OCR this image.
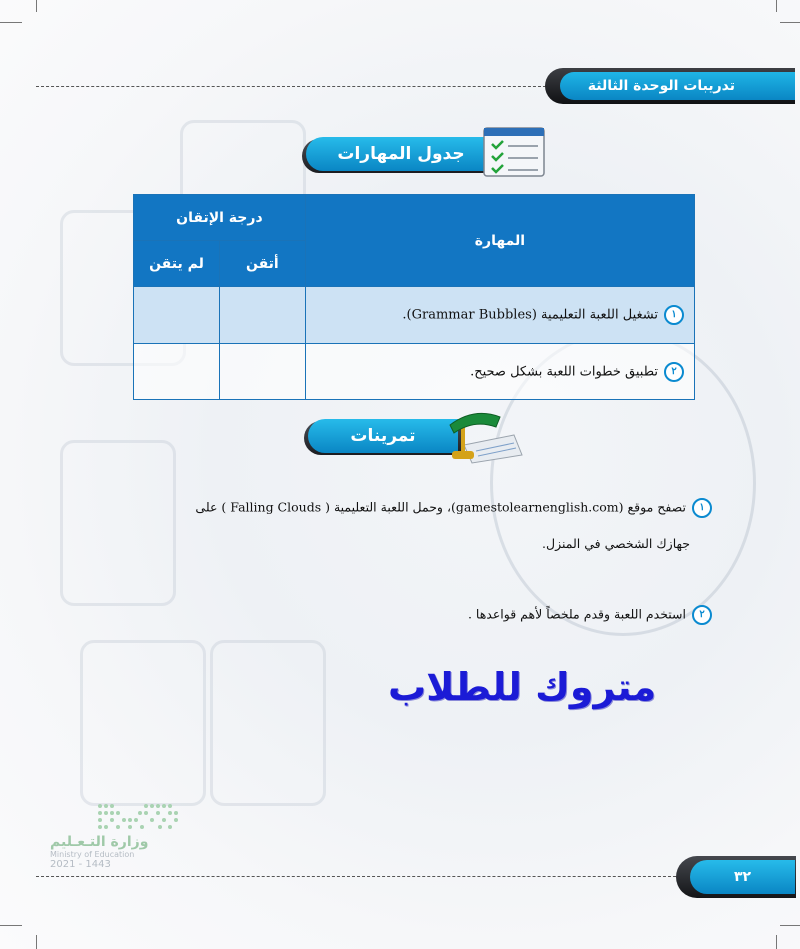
تدريبات الوحدة الثالثة
جدول المهارات
المهارة	درجة الإتقان	
	أتقن	لم يتقن
١تشغيل اللعبة التعليمية (Grammar Bubbles).		
٢تطبيق خطوات اللعبة بشكل صحيح.		
تمرينات
١تصفح موقع (gamestolearnenglish.com)، وحمل اللعبة التعليمية ( Falling Clouds ) على
جهازك الشخصي في المنزل.
٢استخدم اللعبة وقدم ملخصاً لأهم قواعدها .
متروك للطلاب
وزارة التـعـليم
Ministry of Education
2021 - 1443
٣٢
